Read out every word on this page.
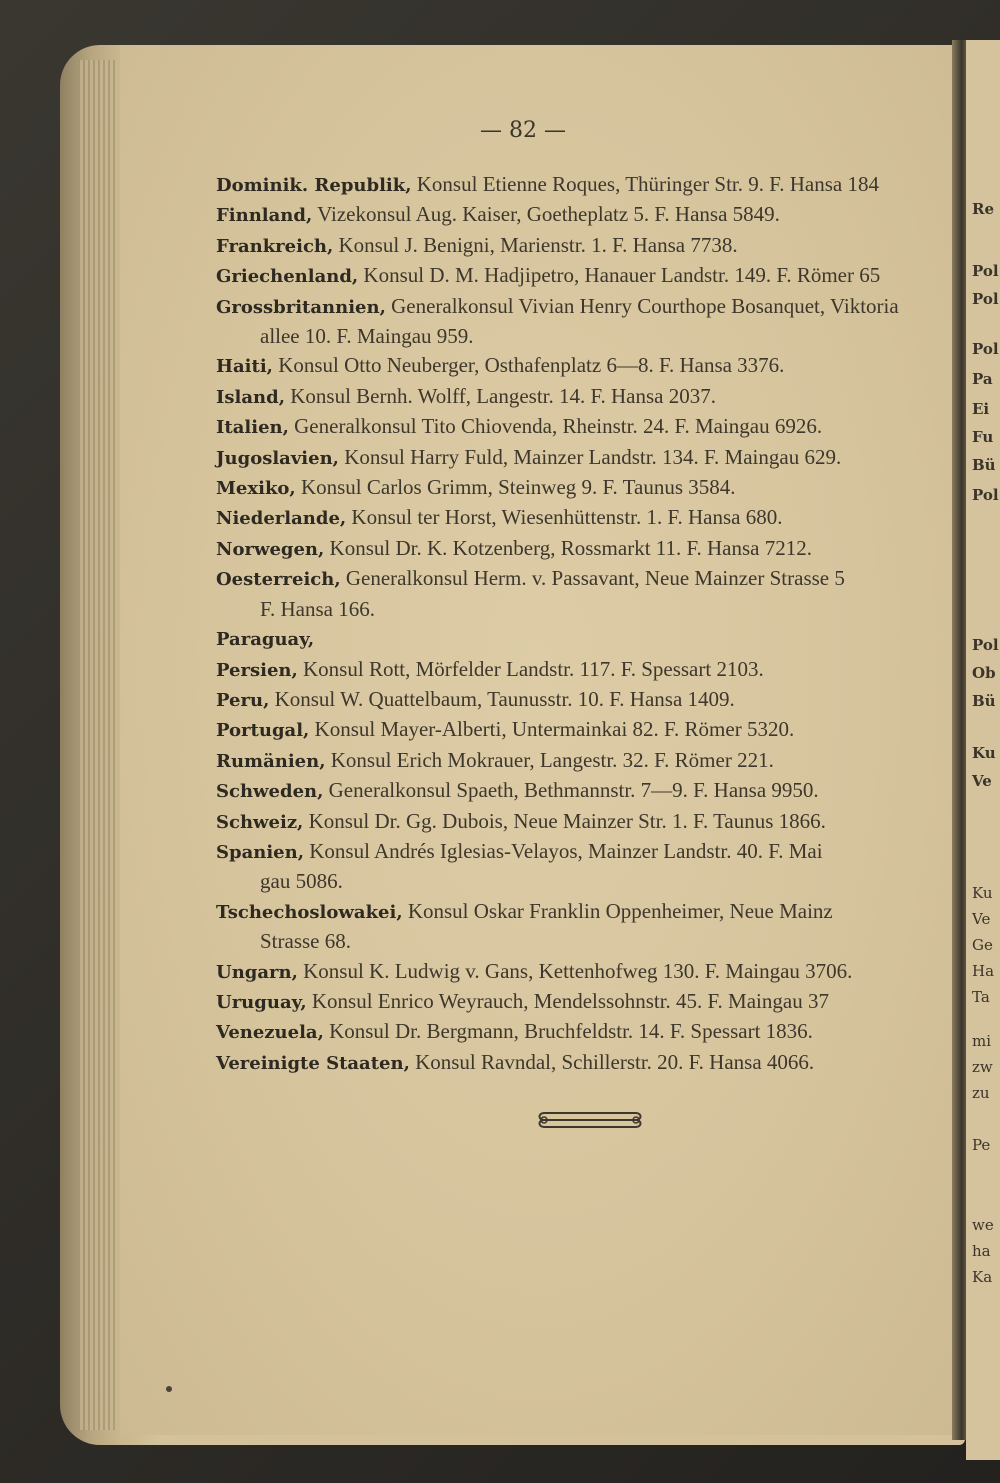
Re
Pol
Pol
Pol
Pa
Ei
Fu
Bü
Pol
Pol
Ob
Bü
Ku
Ve
Ku
Ve
Ge
Ha
Ta
mi
zw
zu
Pe
we
ha
Ka
— 82 —

Dominik. Republik, Konsul Etienne Roques, Thüringer Str. 9. F. Hansa 184

Finnland, Vizekonsul Aug. Kaiser, Goetheplatz 5. F. Hansa 5849.

Frankreich, Konsul J. Benigni, Marienstr. 1. F. Hansa 7738.

Griechenland, Konsul D. M. Hadjipetro, Hanauer Landstr. 149. F. Römer 65

Grossbritannien, Generalkonsul Vivian Henry Courthope Bosanquet, Viktoria
allee 10. F. Maingau 959.

Haiti, Konsul Otto Neuberger, Osthafenplatz 6—8. F. Hansa 3376.

Island, Konsul Bernh. Wolff, Langestr. 14. F. Hansa 2037.

Italien, Generalkonsul Tito Chiovenda, Rheinstr. 24. F. Maingau 6926.

Jugoslavien, Konsul Harry Fuld, Mainzer Landstr. 134. F. Maingau 629.

Mexiko, Konsul Carlos Grimm, Steinweg 9. F. Taunus 3584.

Niederlande, Konsul ter Horst, Wiesenhüttenstr. 1. F. Hansa 680.

Norwegen, Konsul Dr. K. Kotzenberg, Rossmarkt 11. F. Hansa 7212.

Oesterreich, Generalkonsul Herm. v. Passavant, Neue Mainzer Strasse 5
F. Hansa 166.

Paraguay,

Persien, Konsul Rott, Mörfelder Landstr. 117. F. Spessart 2103.

Peru, Konsul W. Quattelbaum, Taunusstr. 10. F. Hansa 1409.

Portugal, Konsul Mayer-Alberti, Untermainkai 82. F. Römer 5320.

Rumänien, Konsul Erich Mokrauer, Langestr. 32. F. Römer 221.

Schweden, Generalkonsul Spaeth, Bethmannstr. 7—9. F. Hansa 9950.

Schweiz, Konsul Dr. Gg. Dubois, Neue Mainzer Str. 1. F. Taunus 1866.

Spanien, Konsul Andrés Iglesias-Velayos, Mainzer Landstr. 40. F. Mai
gau 5086.

Tschechoslowakei, Konsul Oskar Franklin Oppenheimer, Neue Mainz
Strasse 68.

Ungarn, Konsul K. Ludwig v. Gans, Kettenhofweg 130. F. Maingau 3706.

Uruguay, Konsul Enrico Weyrauch, Mendelssohnstr. 45. F. Maingau 37

Venezuela, Konsul Dr. Bergmann, Bruchfeldstr. 14. F. Spessart 1836.

Vereinigte Staaten, Konsul Ravndal, Schillerstr. 20. F. Hansa 4066.
